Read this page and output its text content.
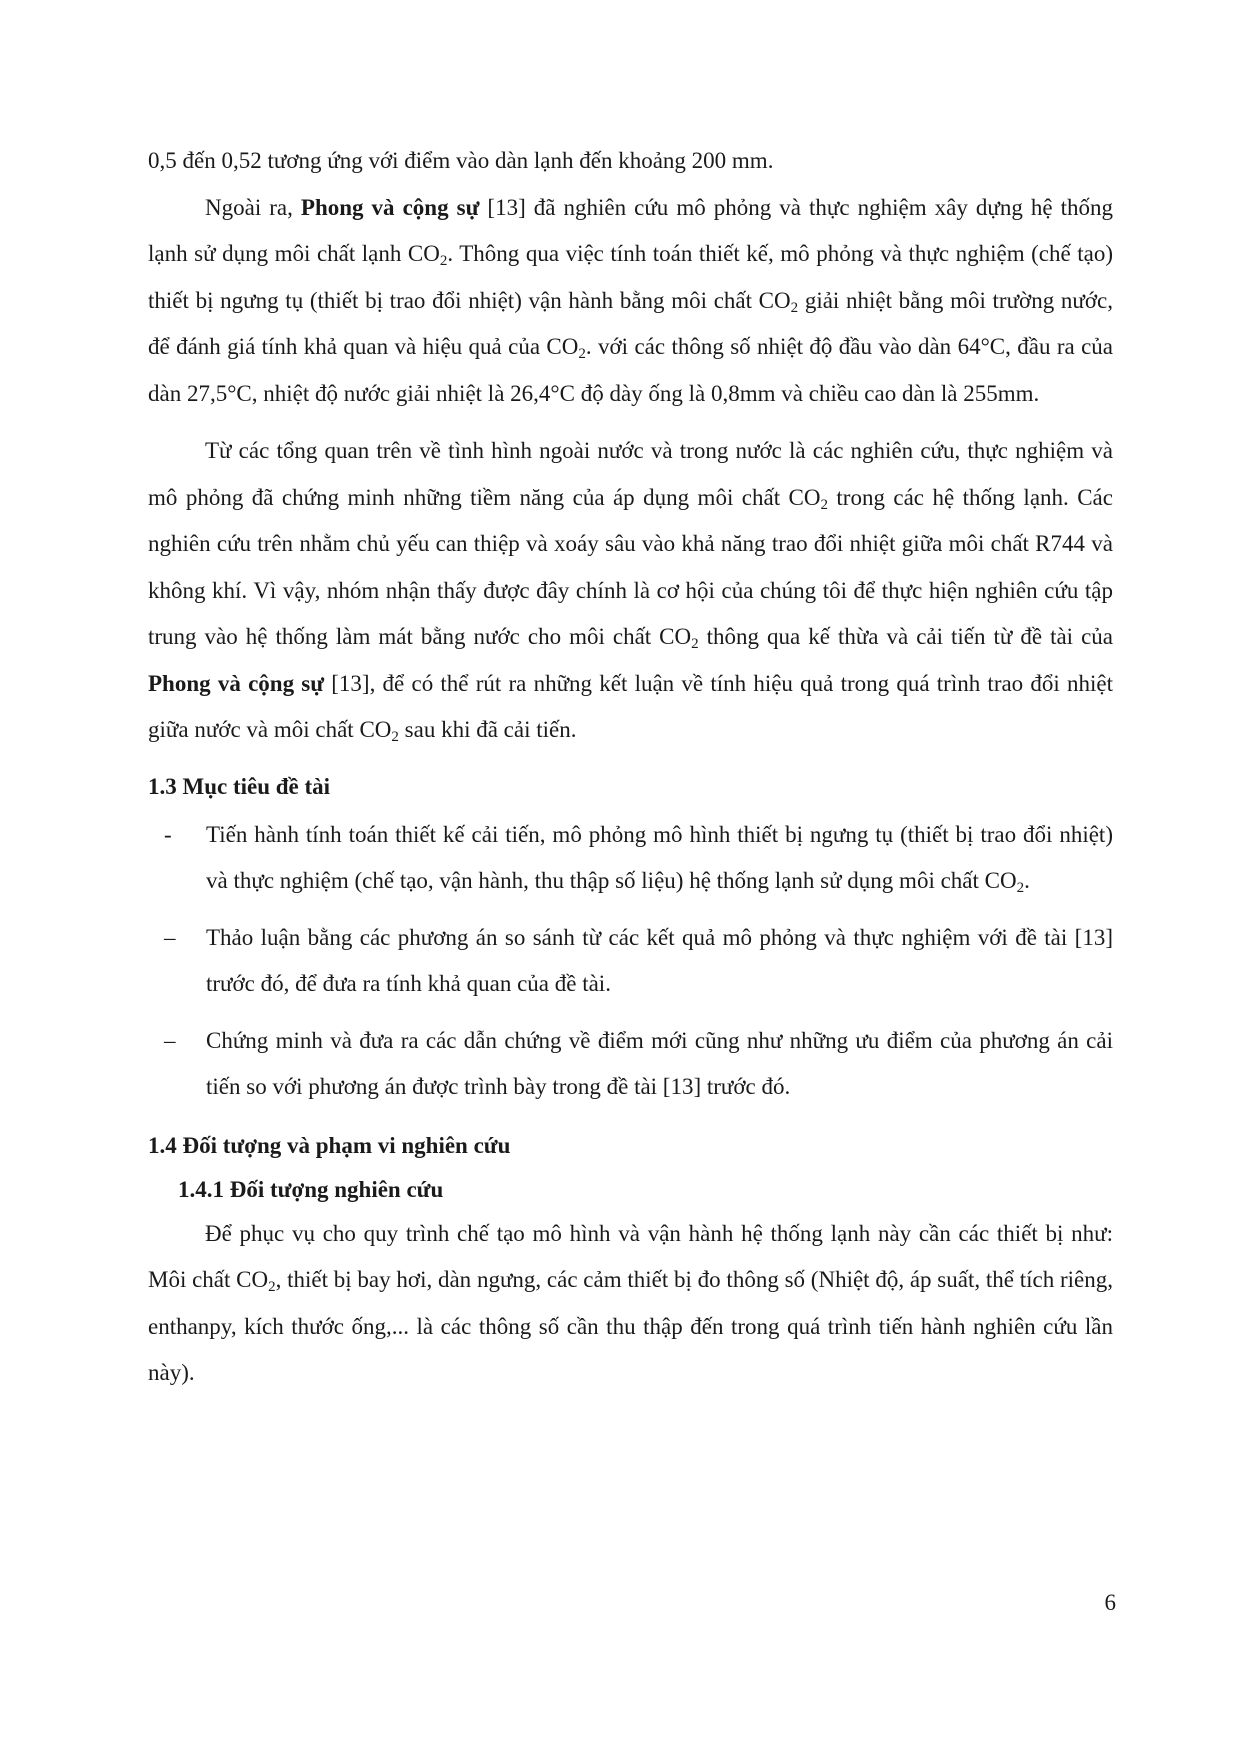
0,5 đến 0,52 tương ứng với điểm vào dàn lạnh đến khoảng 200 mm.

Ngoài ra, Phong và cộng sự [13] đã nghiên cứu mô phỏng và thực nghiệm xây dựng hệ thống lạnh sử dụng môi chất lạnh $CO_2$. Thông qua việc tính toán thiết kế, mô phỏng và thực nghiệm (chế tạo) thiết bị ngưng tụ (thiết bị trao đổi nhiệt) vận hành bằng môi chất $CO_2$ giải nhiệt bằng môi trường nước, để đánh giá tính khả quan và hiệu quả của $CO_2$. với các thông số nhiệt độ đầu vào dàn 64°C, đầu ra của dàn 27,5°C, nhiệt độ nước giải nhiệt là 26,4°C độ dày ống là 0,8mm và chiều cao dàn là 255mm.

Từ các tổng quan trên về tình hình ngoài nước và trong nước là các nghiên cứu, thực nghiệm và mô phỏng đã chứng minh những tiềm năng của áp dụng môi chất $CO_2$ trong các hệ thống lạnh. Các nghiên cứu trên nhằm chủ yếu can thiệp và xoáy sâu vào khả năng trao đổi nhiệt giữa môi chất R744 và không khí. Vì vậy, nhóm nhận thấy được đây chính là cơ hội của chúng tôi để thực hiện nghiên cứu tập trung vào hệ thống làm mát bằng nước cho môi chất $CO_2$ thông qua kế thừa và cải tiến từ đề tài của Phong và cộng sự [13], để có thể rút ra những kết luận về tính hiệu quả trong quá trình trao đổi nhiệt giữa nước và môi chất $CO_2$ sau khi đã cải tiến.

1.3 Mục tiêu đề tài
- Tiến hành tính toán thiết kế cải tiến, mô phỏng mô hình thiết bị ngưng tụ (thiết bị trao đổi nhiệt) và thực nghiệm (chế tạo, vận hành, thu thập số liệu) hệ thống lạnh sử dụng môi chất $CO_2$.
– Thảo luận bằng các phương án so sánh từ các kết quả mô phỏng và thực nghiệm với đề tài [13] trước đó, để đưa ra tính khả quan của đề tài.
– Chứng minh và đưa ra các dẫn chứng về điểm mới cũng như những ưu điểm của phương án cải tiến so với phương án được trình bày trong đề tài [13] trước đó.
1.4 Đối tượng và phạm vi nghiên cứu
1.4.1 Đối tượng nghiên cứu

Để phục vụ cho quy trình chế tạo mô hình và vận hành hệ thống lạnh này cần các thiết bị như: Môi chất $CO_2$, thiết bị bay hơi, dàn ngưng, các cảm thiết bị đo thông số (Nhiệt độ, áp suất, thể tích riêng, enthanpy, kích thước ống,... là các thông số cần thu thập đến trong quá trình tiến hành nghiên cứu lần này).

6
